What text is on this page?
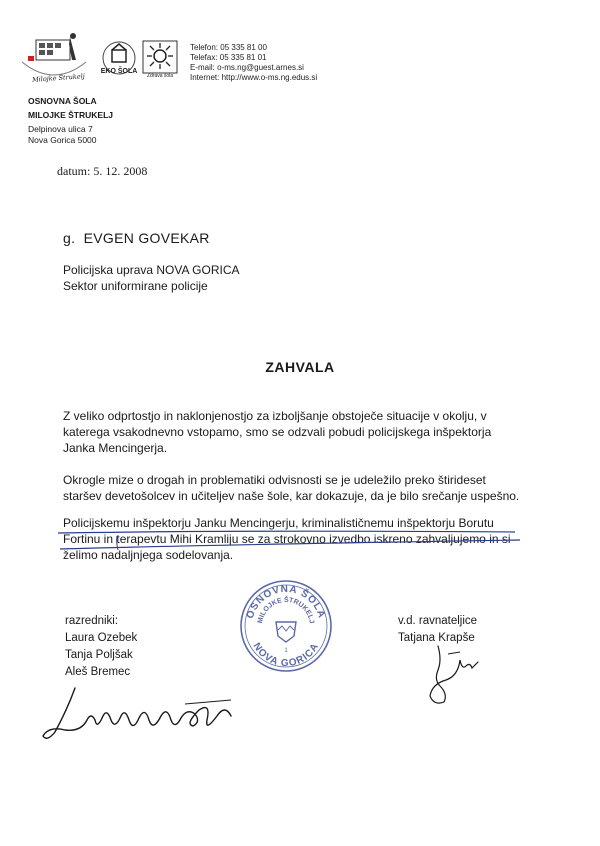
Milojke Štrukelj
EKO ŠOLA
Zdrava šola
Telefon: 05 335 81 00
Telefax: 05 335 81 01
E-mail: o-ms.ng@guest.arnes.si
Internet: http://www.o-ms.ng.edus.si
OSNOVNA ŠOLA
MILOJKE ŠTRUKELJ
Delpinova ulica 7
Nova Gorica 5000
datum: 5. 12. 2008
g.  EVGEN GOVEKAR
Policijska uprava NOVA GORICA
Sektor uniformirane policije
ZAHVALA
Z veliko odprtostjo in naklonjenostjo za izboljšanje obstoječe situacije v okolju, v
katerega vsakodnevno vstopamo, smo se odzvali pobudi policijskega inšpektorja
Janka Mencingerja.
Okrogle mize o drogah in problematiki odvisnosti se je udeležilo preko štirideset
staršev devetošolcev in učiteljev naše šole, kar dokazuje, da je bilo srečanje uspešno.
Policijskemu inšpektorju Janku Mencingerju, kriminalističnemu inšpektorju Borutu
Fortinu in terapevtu Mihi Kramliju se za strokovno izvedbo iskreno zahvaljujemo in si
želimo nadaljnjega sodelovanja.
OSNOVNA ŠOLA
MILOJKE ŠTRUKELJ
NOVA GORICA
1
razredniki:
Laura Ozebek
Tanja Poljšak
Aleš Bremec
v.d. ravnateljice
Tatjana Krapše
